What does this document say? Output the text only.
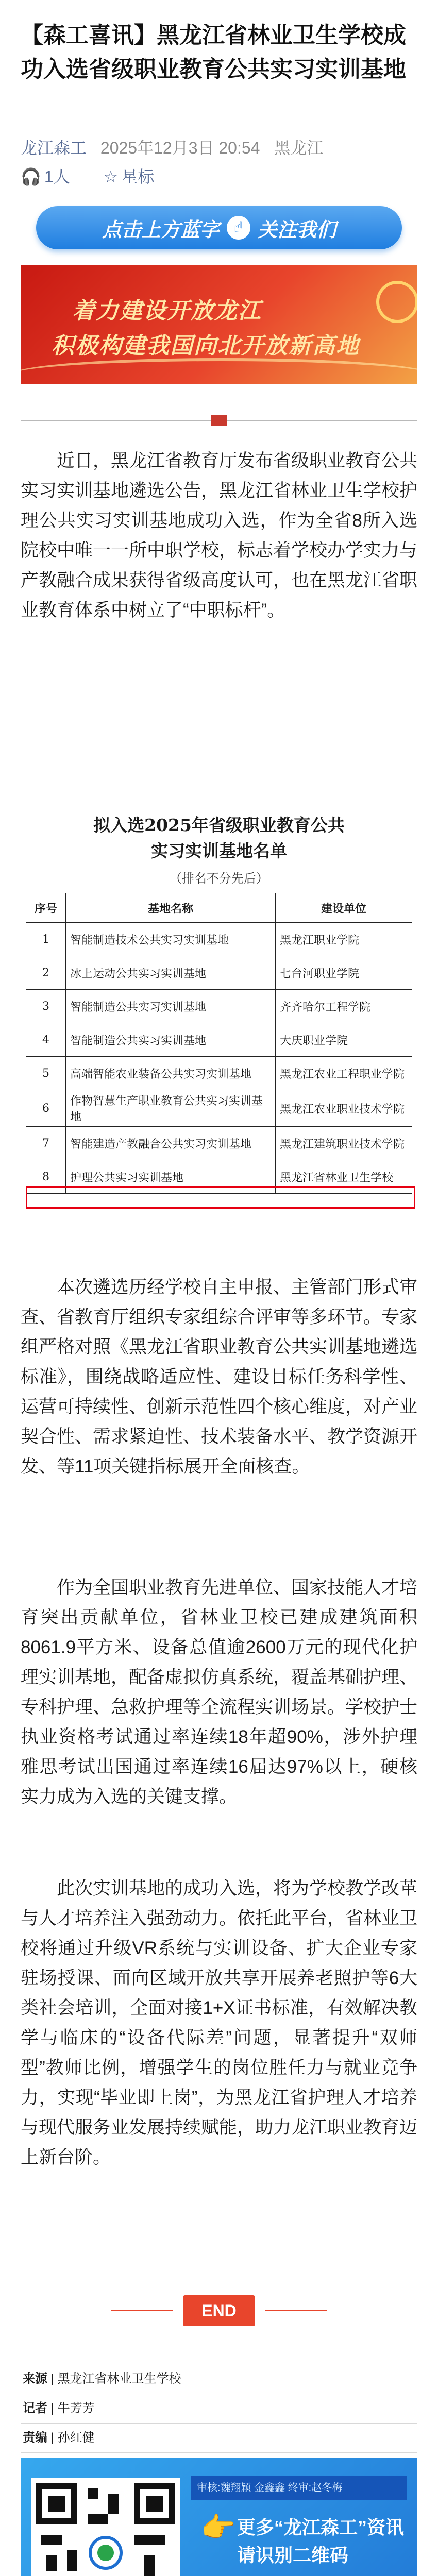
【森工喜讯】黑龙江省林业卫生学校成功入选省级职业教育公共实习实训基地
龙江森工 2025年12月3日 20:54 黑龙江
🎧 1人 ☆ 星标
点击上方蓝字 ☝ 关注我们
着力建设开放龙江
积极构建我国向北开放新高地

近日，黑龙江省教育厅发布省级职业教育公共实习实训基地遴选公告，黑龙江省林业卫生学校护理公共实习实训基地成功入选，作为全省8所入选院校中唯一一所中职学校，标志着学校办学实力与产教融合成果获得省级高度认可，也在黑龙江省职业教育体系中树立了“中职标杆”。

拟入选2025年省级职业教育公共
实习实训基地名单
（排名不分先后）
序号	基地名称	建设单位
1	智能制造技术公共实习实训基地	黑龙江职业学院
2	冰上运动公共实习实训基地	七台河职业学院
3	智能制造公共实习实训基地	齐齐哈尔工程学院
4	智能制造公共实习实训基地	大庆职业学院
5	高端智能农业装备公共实习实训基地	黑龙江农业工程职业学院
6	作物智慧生产职业教育公共实习实训基地	黑龙江农业职业技术学院
7	智能建造产教融合公共实习实训基地	黑龙江建筑职业技术学院
8	护理公共实习实训基地	黑龙江省林业卫生学校

本次遴选历经学校自主申报、主管部门形式审查、省教育厅组织专家组综合评审等多环节。专家组严格对照《黑龙江省职业教育公共实训基地遴选标准》，围绕战略适应性、建设目标任务科学性、运营可持续性、创新示范性四个核心维度，对产业契合性、需求紧迫性、技术装备水平、教学资源开发、等11项关键指标展开全面核查。

作为全国职业教育先进单位、国家技能人才培育突出贡献单位，省林业卫校已建成建筑面积8061.9平方米、设备总值逾2600万元的现代化护理实训基地，配备虚拟仿真系统，覆盖基础护理、专科护理、急救护理等全流程实训场景。学校护士执业资格考试通过率连续18年超90%，涉外护理雅思考试出国通过率连续16届达97%以上，硬核实力成为入选的关键支撑。

此次实训基地的成功入选，将为学校教学改革与人才培养注入强劲动力。依托此平台，省林业卫校将通过升级VR系统与实训设备、扩大企业专家驻场授课、面向区域开放共享开展养老照护等6大类社会培训，全面对接1+X证书标准，有效解决教学与临床的“设备代际差”问题，显著提升“双师型”教师比例，增强学生的岗位胜任力与就业竞争力，实现“毕业即上岗”，为黑龙江省护理人才培养与现代服务业发展持续赋能，助力龙江职业教育迈上新台阶。

END
来源 | 黑龙江省林业卫生学校
记者 | 牛芳芳
责编 | 孙红健
审核:魏翔颖 金鑫鑫 终审:赵冬梅
👉 更多“龙江森工”资讯
请识别二维码
